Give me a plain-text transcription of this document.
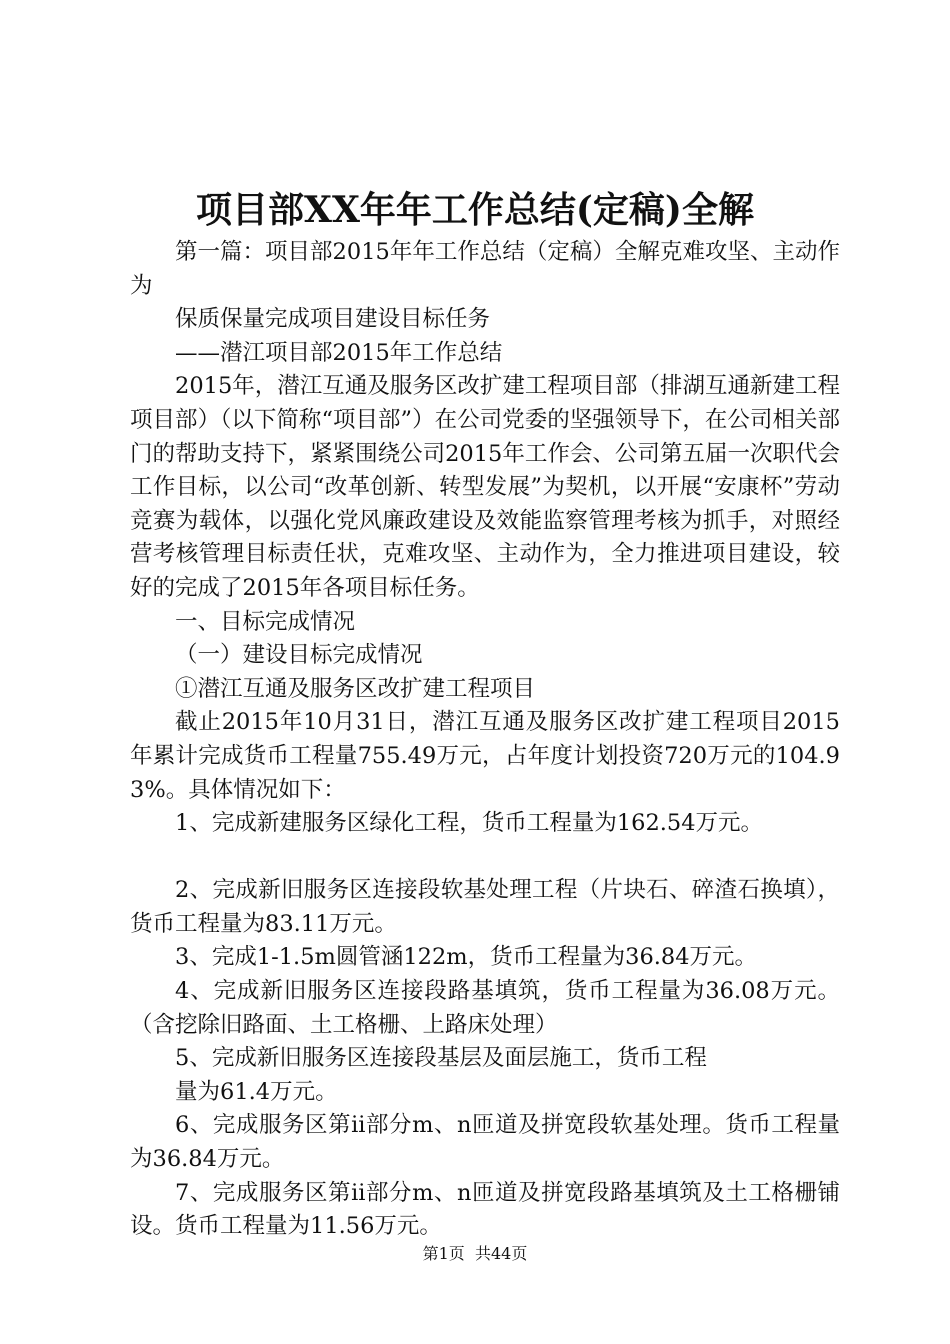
项目部XX年年工作总结(定稿)全解

第一篇：项目部2015年年工作总结（定稿）全解克难攻坚、主动作为

保质保量完成项目建设目标任务

——潜江项目部2015年工作总结

2015年，潜江互通及服务区改扩建工程项目部（排湖互通新建工程项目部）（以下简称“项目部”）在公司党委的坚强领导下，在公司相关部门的帮助支持下，紧紧围绕公司2015年工作会、公司第五届一次职代会工作目标，以公司“改革创新、转型发展”为契机，以开展“安康杯”劳动竞赛为载体，以强化党风廉政建设及效能监察管理考核为抓手，对照经营考核管理目标责任状，克难攻坚、主动作为，全力推进项目建设，较好的完成了2015年各项目标任务。

一、目标完成情况

（一）建设目标完成情况

①潜江互通及服务区改扩建工程项目

截止2015年10月31日，潜江互通及服务区改扩建工程项目2015年累计完成货币工程量755.49万元，占年度计划投资720万元的104.93%。具体情况如下：

1、完成新建服务区绿化工程，货币工程量为162.54万元。

2、完成新旧服务区连接段软基处理工程（片块石、碎渣石换填），货币工程量为83.11万元。

3、完成1-1.5m圆管涵122m，货币工程量为36.84万元。

4、完成新旧服务区连接段路基填筑，货币工程量为36.08万元。（含挖除旧路面、土工格栅、上路床处理）

5、完成新旧服务区连接段基层及面层施工，货币工程

量为61.4万元。

6、完成服务区第ii部分m、n匝道及拼宽段软基处理。货币工程量为36.84万元。

7、完成服务区第ii部分m、n匝道及拼宽段路基填筑及土工格栅铺设。货币工程量为11.56万元。

第1页 共44页
